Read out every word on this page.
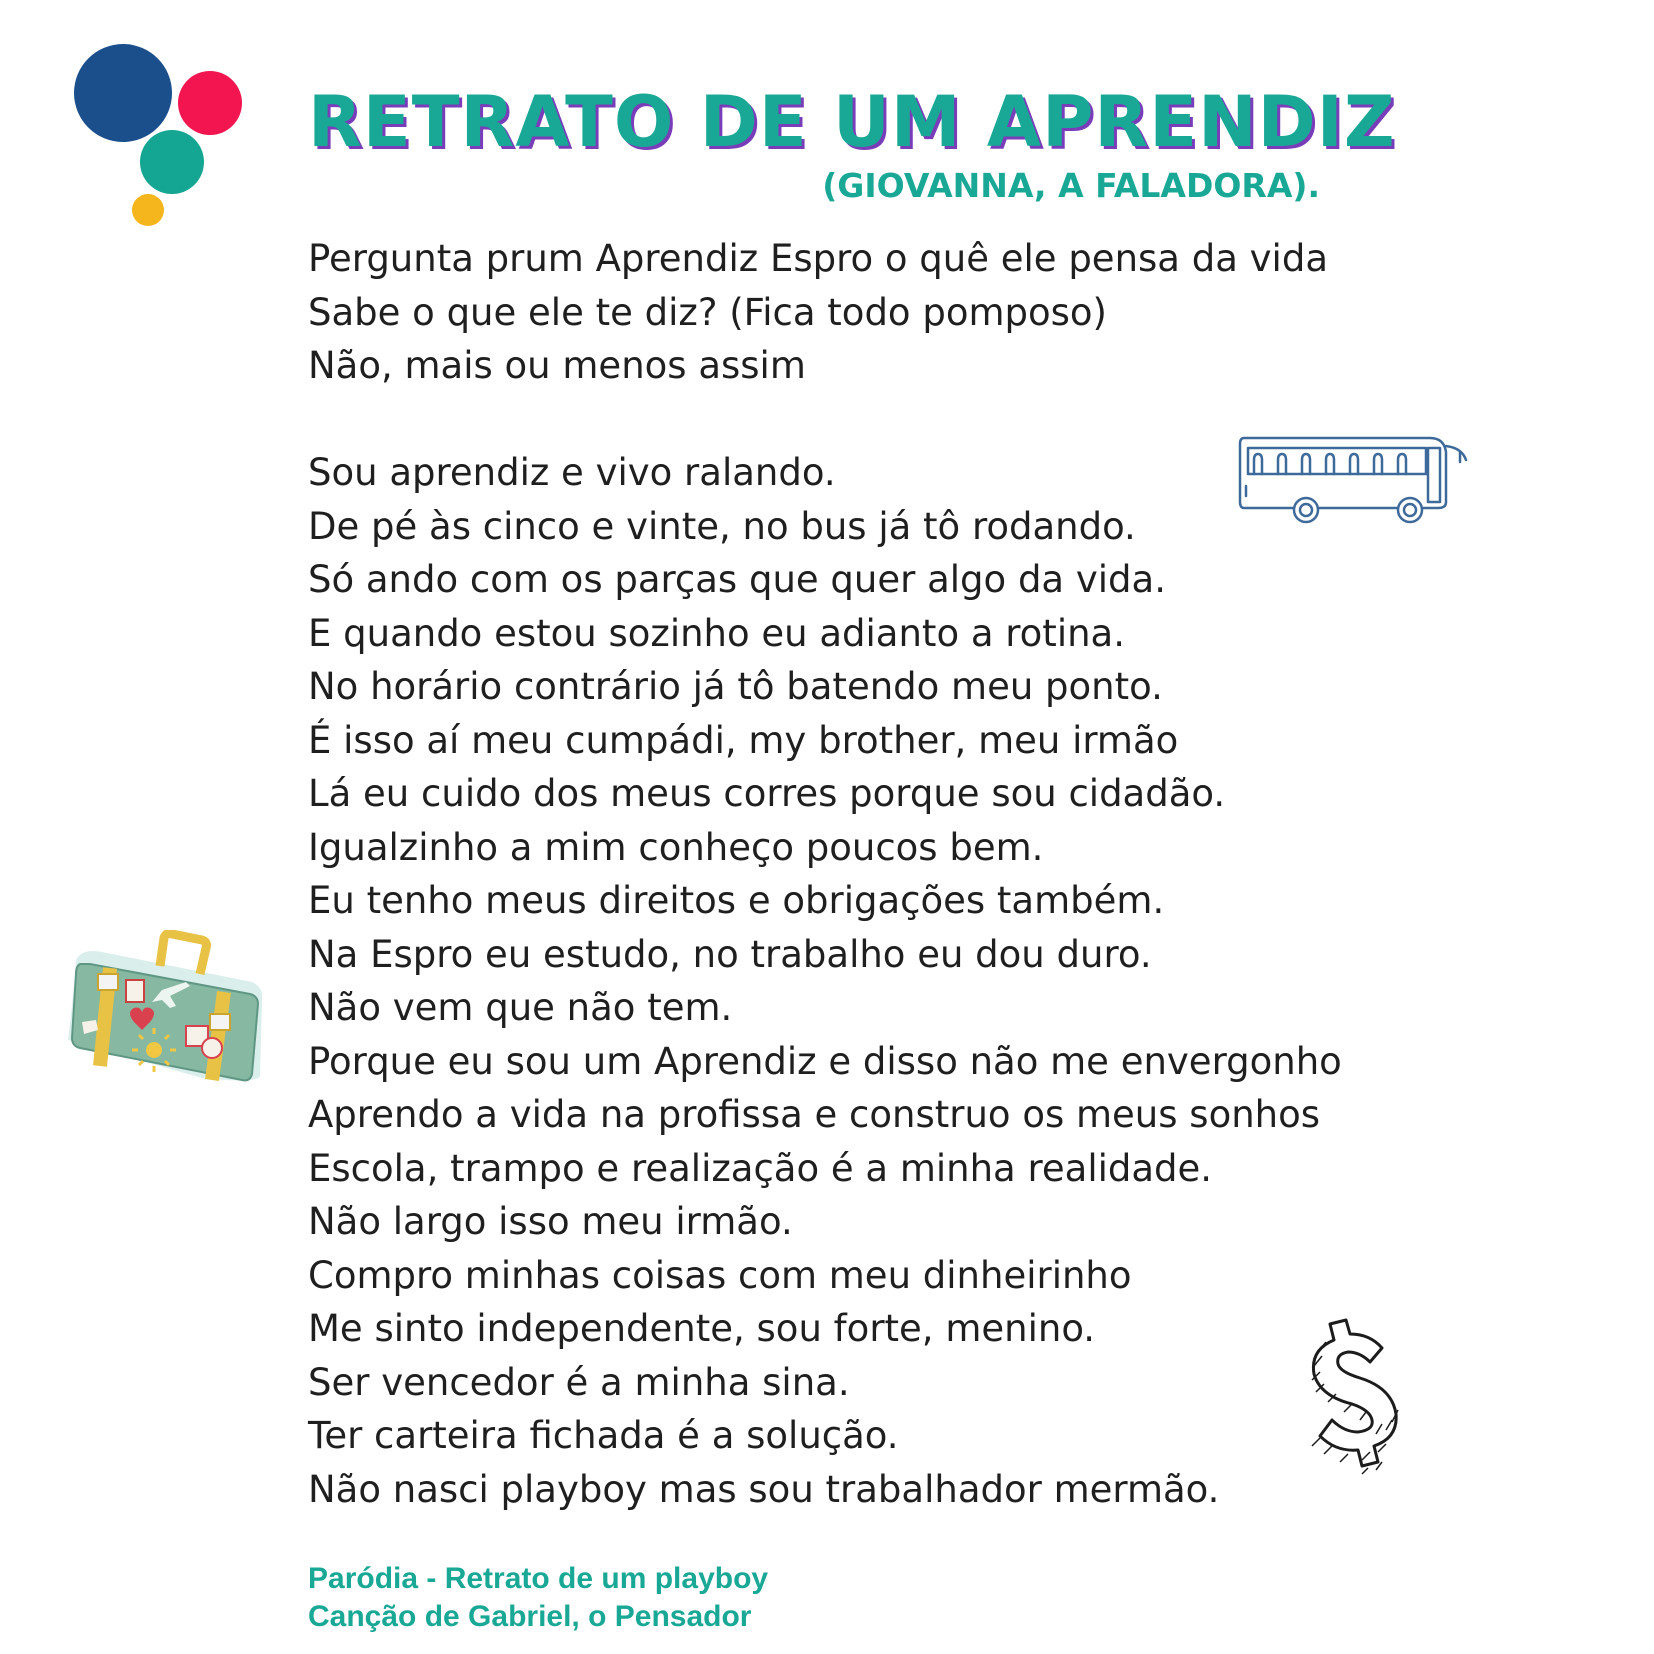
RETRATO DE UM APRENDIZ
(GIOVANNA, A FALADORA).
Pergunta prum Aprendiz Espro o quê ele pensa da vida
Sabe o que ele te diz? (Fica todo pomposo)
Não, mais ou menos assim
Sou aprendiz e vivo ralando.
De pé às cinco e vinte, no bus já tô rodando.
Só ando com os parças que quer algo da vida.
E quando estou sozinho eu adianto a rotina.
No horário contrário já tô batendo meu ponto.
É isso aí meu cumpádi, my brother, meu irmão
Lá eu cuido dos meus corres porque sou cidadão.
Igualzinho a mim conheço poucos bem.
Eu tenho meus direitos e obrigações também.
Na Espro eu estudo, no trabalho eu dou duro.
Não vem que não tem.
Porque eu sou um Aprendiz e disso não me envergonho
Aprendo a vida na profissa e construo os meus sonhos
Escola, trampo e realização é a minha realidade.
Não largo isso meu irmão.
Compro minhas coisas com meu dinheirinho
Me sinto independente, sou forte, menino.
Ser vencedor é a minha sina.
Ter carteira fichada é a solução.
Não nasci playboy mas sou trabalhador mermão.
Paródia - Retrato de um playboy
Canção de Gabriel, o Pensador
